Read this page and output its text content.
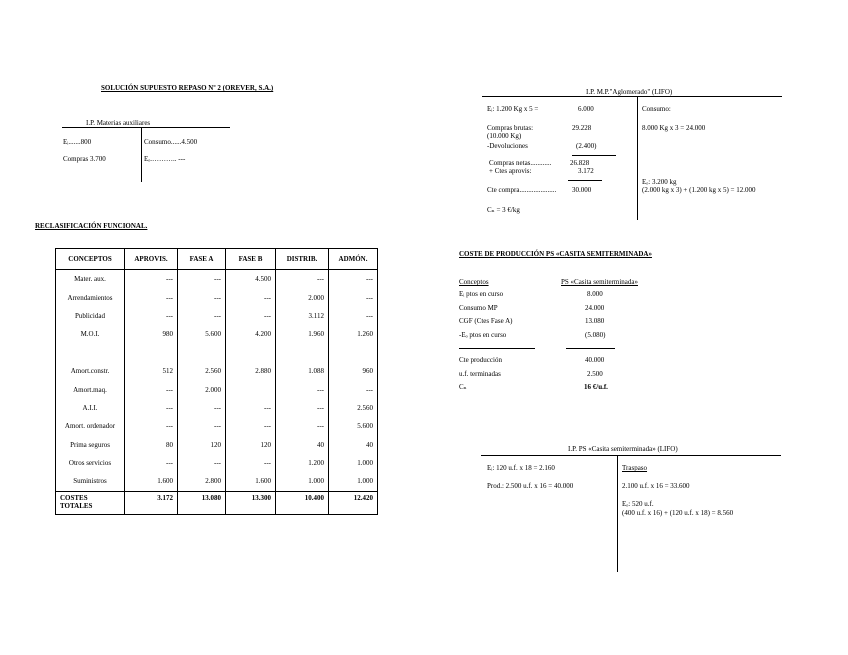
SOLUCIÓN SUPUESTO REPASO Nº 2 (OREVER, S.A.)
I.P. Materias auxiliares
Eᵢ.......800
Compras 3.700
Consumo......4.500
Eₒ.……….. ---
I.P. M.P."Aglomerado" (LIFO)
Eᵢ: 1.200 Kg x 5 =	6.000
Compras brutas:	29.228
(10.000 Kg)
-Devoluciones	(2.400)
Compras netas............	26.828
+ Ctes aprovis:	3.172
Cte compra..................... 30.000
Cₙ = 3 €/kg
Consumo:
8.000 Kg x 3 = 24.000
Eₒ: 3.200 kg
(2.000 kg x 3) + (1.200 kg x 5) = 12.000
RECLASIFICACIÓN FUNCIONAL.
CONCEPTOS	APROVIS.	FASE A	FASE B	DISTRIB.	ADMÓN.
Mater. aux.	---	---	4.500	---	---
Arrendamientos	---	---	---	2.000	---
Publicidad	---	---	---	3.112	---
M.O.I.	980	5.600	4.200	1.960	1.260

Amort.constr.	512	2.560	2.880	1.088	960
Amort.maq.	---	2.000		---	---
A.I.I.	---	---	---	---	2.560
Amort. ordenador	---	---	---	---	5.600
Prima seguros	80	120	120	40	40
Otros servicios	---	---	---	1.200	1.000
Suministros	1.600	2.800	1.600	1.000	1.000
COSTES TOTALES	3.172	13.080	13.300	10.400	12.420
COSTE DE PRODUCCIÓN PS «CASITA SEMITERMINADA»
Conceptos	PS «Casita semiterminada»
Eᵢ ptos en curso	8.000
Consumo MP	24.000
CGF (Ctes Fase A)	13.080
-Eₒ ptos en curso	(5.080)
Cte producción	40.000
u.f. terminadas	2.500
Cₙ	16 €/u.f.
I.P. PS «Casita semiterminada» (LIFO)
Eᵢ: 120 u.f. x 18 = 2.160
Prod.: 2.500 u.f. x 16 = 40.000
Traspaso
2.100 u.f. x 16 = 33.600
Eₒ: 520 u.f.
(400 u.f. x 16) + (120 u.f. x 18) = 8.560
